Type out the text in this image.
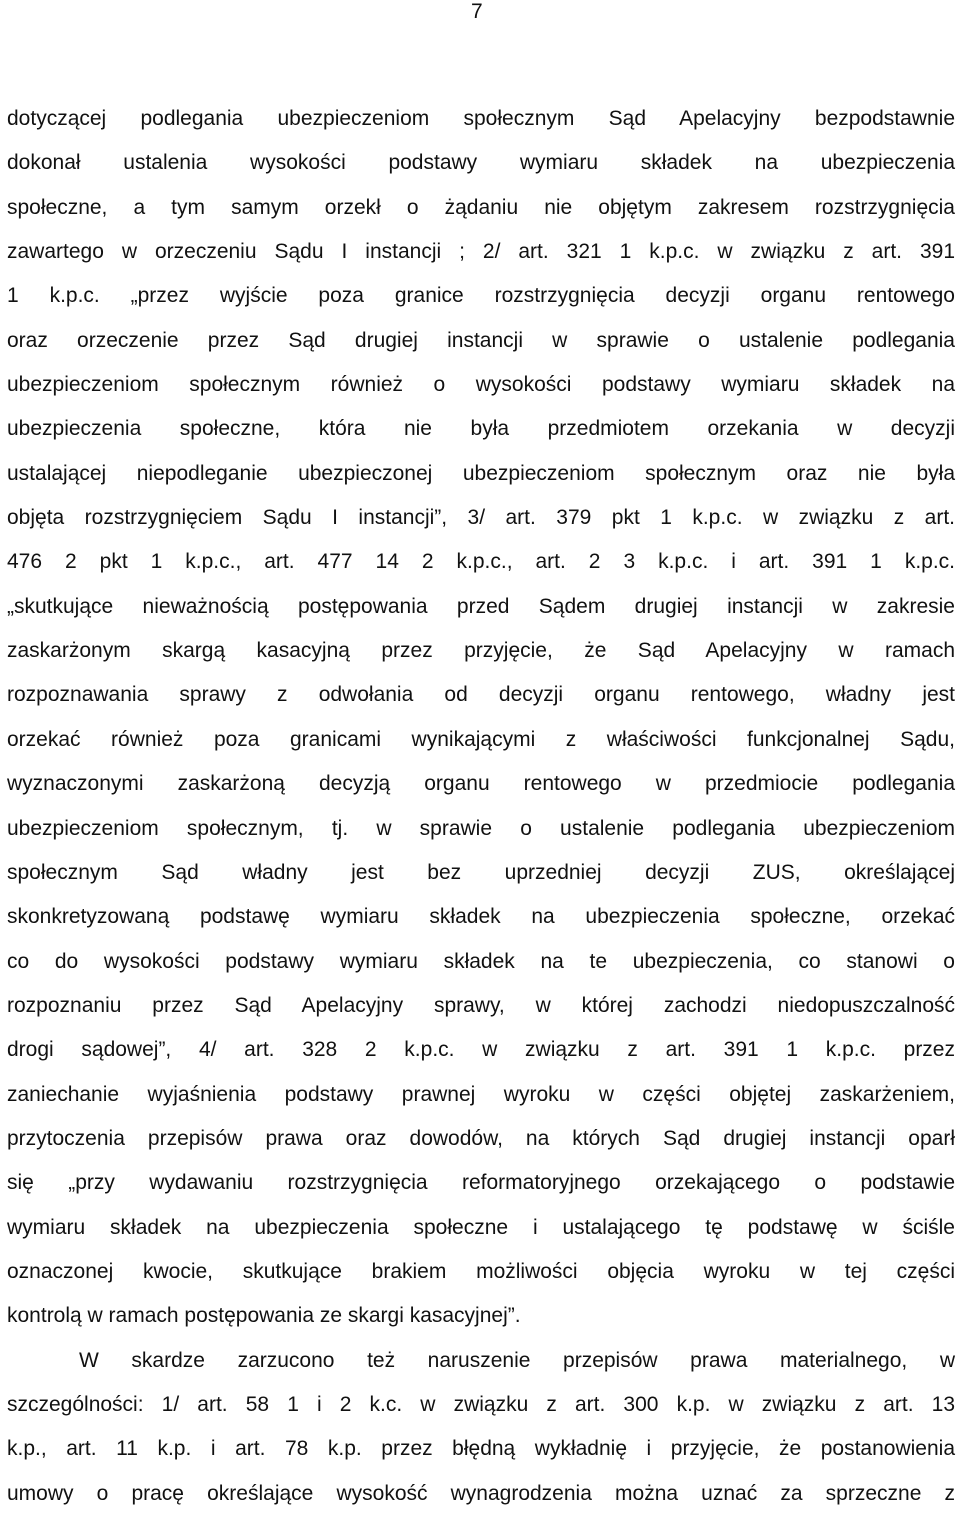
7
dotyczącej podlegania ubezpieczeniom społecznym Sąd Apelacyjny bezpodstawnie
dokonał ustalenia wysokości podstawy wymiaru składek na ubezpieczenia
społeczne, a tym samym orzekł o żądaniu nie objętym zakresem rozstrzygnięcia
zawartego w orzeczeniu Sądu I instancji ; 2/ art. 321 1 k.p.c. w związku z art. 391
1 k.p.c. „przez wyjście poza granice rozstrzygnięcia decyzji organu rentowego
oraz orzeczenie przez Sąd drugiej instancji w sprawie o ustalenie podlegania
ubezpieczeniom społecznym również o wysokości podstawy wymiaru składek na
ubezpieczenia społeczne, która nie była przedmiotem orzekania w decyzji
ustalającej niepodleganie ubezpieczonej ubezpieczeniom społecznym oraz nie była
objęta rozstrzygnięciem Sądu I instancji”, 3/ art. 379 pkt 1 k.p.c. w związku z art.
476 2 pkt 1 k.p.c., art. 477 14 2 k.p.c., art. 2 3 k.p.c. i art. 391 1 k.p.c.
„skutkujące nieważnością postępowania przed Sądem drugiej instancji w zakresie
zaskarżonym skargą kasacyjną przez przyjęcie, że Sąd Apelacyjny w ramach
rozpoznawania sprawy z odwołania od decyzji organu rentowego, władny jest
orzekać również poza granicami wynikającymi z właściwości funkcjonalnej Sądu,
wyznaczonymi zaskarżoną decyzją organu rentowego w przedmiocie podlegania
ubezpieczeniom społecznym, tj. w sprawie o ustalenie podlegania ubezpieczeniom
społecznym Sąd władny jest bez uprzedniej decyzji ZUS, określającej
skonkretyzowaną podstawę wymiaru składek na ubezpieczenia społeczne, orzekać
co do wysokości podstawy wymiaru składek na te ubezpieczenia, co stanowi o
rozpoznaniu przez Sąd Apelacyjny sprawy, w której zachodzi niedopuszczalność
drogi sądowej”, 4/ art. 328 2 k.p.c. w związku z art. 391 1 k.p.c. przez
zaniechanie wyjaśnienia podstawy prawnej wyroku w części objętej zaskarżeniem,
przytoczenia przepisów prawa oraz dowodów, na których Sąd drugiej instancji oparł
się „przy wydawaniu rozstrzygnięcia reformatoryjnego orzekającego o podstawie
wymiaru składek na ubezpieczenia społeczne i ustalającego tę podstawę w ściśle
oznaczonej kwocie, skutkujące brakiem możliwości objęcia wyroku w tej części
kontrolą w ramach postępowania ze skargi kasacyjnej”.
W skardze zarzucono też naruszenie przepisów prawa materialnego, w
szczególności: 1/ art. 58 1 i 2 k.c. w związku z art. 300 k.p. w związku z art. 13
k.p., art. 11 k.p. i art. 78 k.p. przez błędną wykładnię i przyjęcie, że postanowienia
umowy o pracę określające wysokość wynagrodzenia można uznać za sprzeczne z
